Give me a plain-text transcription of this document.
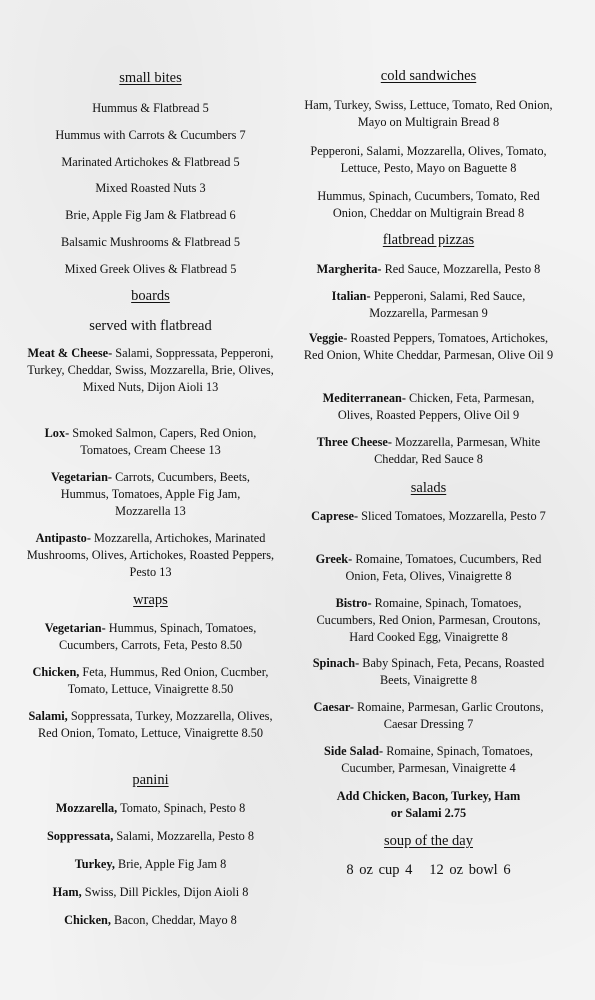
small bites
Hummus & Flatbread 5
Hummus with Carrots & Cucumbers 7
Marinated Artichokes & Flatbread 5
Mixed Roasted Nuts 3
Brie, Apple Fig Jam & Flatbread 6
Balsamic Mushrooms & Flatbread 5
Mixed Greek Olives & Flatbread 5
boards
served with flatbread
Meat & Cheese- Salami, Soppressata, Pepperoni, Turkey, Cheddar, Swiss, Mozzarella, Brie, Olives, Mixed Nuts, Dijon Aioli 13
Lox- Smoked Salmon, Capers, Red Onion, Tomatoes, Cream Cheese 13
Vegetarian- Carrots, Cucumbers, Beets, Hummus, Tomatoes, Apple Fig Jam, Mozzarella 13
Antipasto- Mozzarella, Artichokes, Marinated Mushrooms, Olives, Artichokes, Roasted Peppers, Pesto 13
wraps
Vegetarian- Hummus, Spinach, Tomatoes, Cucumbers, Carrots, Feta, Pesto 8.50
Chicken, Feta, Hummus, Red Onion, Cucmber, Tomato, Lettuce, Vinaigrette 8.50
Salami, Soppressata, Turkey, Mozzarella, Olives, Red Onion, Tomato, Lettuce, Vinaigrette 8.50
panini
Mozzarella, Tomato, Spinach, Pesto 8
Soppressata, Salami, Mozzarella, Pesto 8
Turkey, Brie, Apple Fig Jam 8
Ham, Swiss, Dill Pickles, Dijon Aioli 8
Chicken, Bacon, Cheddar, Mayo 8
cold sandwiches
Ham, Turkey, Swiss, Lettuce, Tomato, Red Onion, Mayo on Multigrain Bread 8
Pepperoni, Salami, Mozzarella, Olives, Tomato, Lettuce, Pesto, Mayo on Baguette 8
Hummus, Spinach, Cucumbers, Tomato, Red Onion, Cheddar on Multigrain Bread 8
flatbread pizzas
Margherita- Red Sauce, Mozzarella, Pesto 8
Italian- Pepperoni, Salami, Red Sauce, Mozzarella, Parmesan 9
Veggie- Roasted Peppers, Tomatoes, Artichokes, Red Onion, White Cheddar, Parmesan, Olive Oil 9
Mediterranean- Chicken, Feta, Parmesan, Olives, Roasted Peppers, Olive Oil 9
Three Cheese- Mozzarella, Parmesan, White Cheddar, Red Sauce 8
salads
Caprese- Sliced Tomatoes, Mozzarella, Pesto 7
Greek- Romaine, Tomatoes, Cucumbers, Red Onion, Feta, Olives, Vinaigrette 8
Bistro- Romaine, Spinach, Tomatoes, Cucumbers, Red Onion, Parmesan, Croutons, Hard Cooked Egg, Vinaigrette 8
Spinach- Baby Spinach, Feta, Pecans, Roasted Beets, Vinaigrette 8
Caesar- Romaine, Parmesan, Garlic Croutons, Caesar Dressing 7
Side Salad- Romaine, Spinach, Tomatoes, Cucumber, Parmesan, Vinaigrette 4
Add Chicken, Bacon, Turkey, Ham or Salami 2.75
soup of the day
8 oz cup 4   12 oz bowl 6
